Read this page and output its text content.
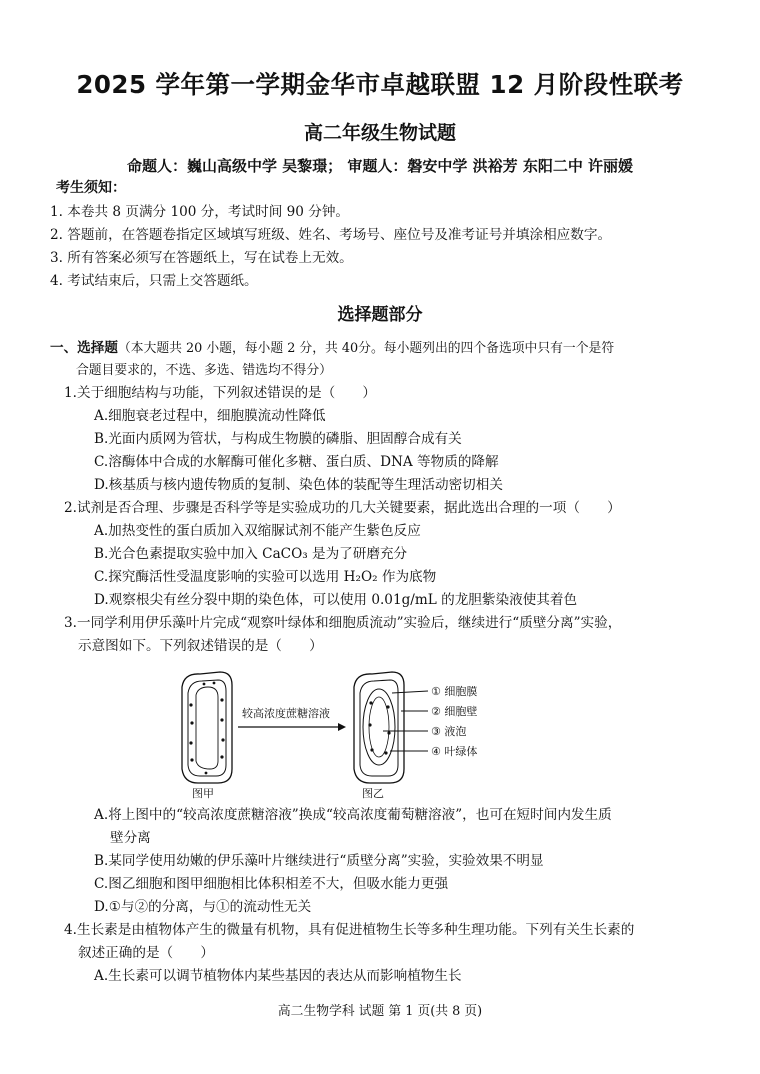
2025 学年第一学期金华市卓越联盟 12 月阶段性联考
高二年级生物试题
命题人：巍山高级中学 吴黎璟； 审题人：磐安中学 洪裕芳 东阳二中 许丽媛
考生须知：
1. 本卷共 8 页满分 100 分，考试时间 90 分钟。
2. 答题前，在答题卷指定区域填写班级、姓名、考场号、座位号及准考证号并填涂相应数字。
3. 所有答案必须写在答题纸上，写在试卷上无效。
4. 考试结束后，只需上交答题纸。
选择题部分
一、选择题（本大题共 20 小题，每小题 2 分，共 40分。每小题列出的四个备选项中只有一个是符
合题目要求的，不选、多选、错选均不得分）
1.关于细胞结构与功能，下列叙述错误的是（　　）
A.细胞衰老过程中，细胞膜流动性降低
B.光面内质网为管状，与构成生物膜的磷脂、胆固醇合成有关
C.溶酶体中合成的水解酶可催化多糖、蛋白质、DNA 等物质的降解
D.核基质与核内遗传物质的复制、染色体的装配等生理活动密切相关
2.试剂是否合理、步骤是否科学等是实验成功的几大关键要素，据此选出合理的一项（　　）
A.加热变性的蛋白质加入双缩脲试剂不能产生紫色反应
B.光合色素提取实验中加入 CaCO₃ 是为了研磨充分
C.探究酶活性受温度影响的实验可以选用 H₂O₂ 作为底物
D.观察根尖有丝分裂中期的染色体，可以使用 0.01g/mL 的龙胆紫染液使其着色
3.一同学利用伊乐藻叶片完成“观察叶绿体和细胞质流动”实验后，继续进行“质壁分离”实验，
示意图如下。下列叙述错误的是（　　）
图甲
较高浓度蔗糖溶液
图乙
① 细胞膜
② 细胞壁
③ 液泡
④ 叶绿体
A.将上图中的“较高浓度蔗糖溶液”换成“较高浓度葡萄糖溶液”，也可在短时间内发生质
壁分离
B.某同学使用幼嫩的伊乐藻叶片继续进行“质壁分离”实验，实验效果不明显
C.图乙细胞和图甲细胞相比体积相差不大，但吸水能力更强
D.①与②的分离，与①的流动性无关
4.生长素是由植物体产生的微量有机物，具有促进植物生长等多种生理功能。下列有关生长素的
叙述正确的是（　　）
A.生长素可以调节植物体内某些基因的表达从而影响植物生长
高二生物学科 试题 第 1 页(共 8 页)
